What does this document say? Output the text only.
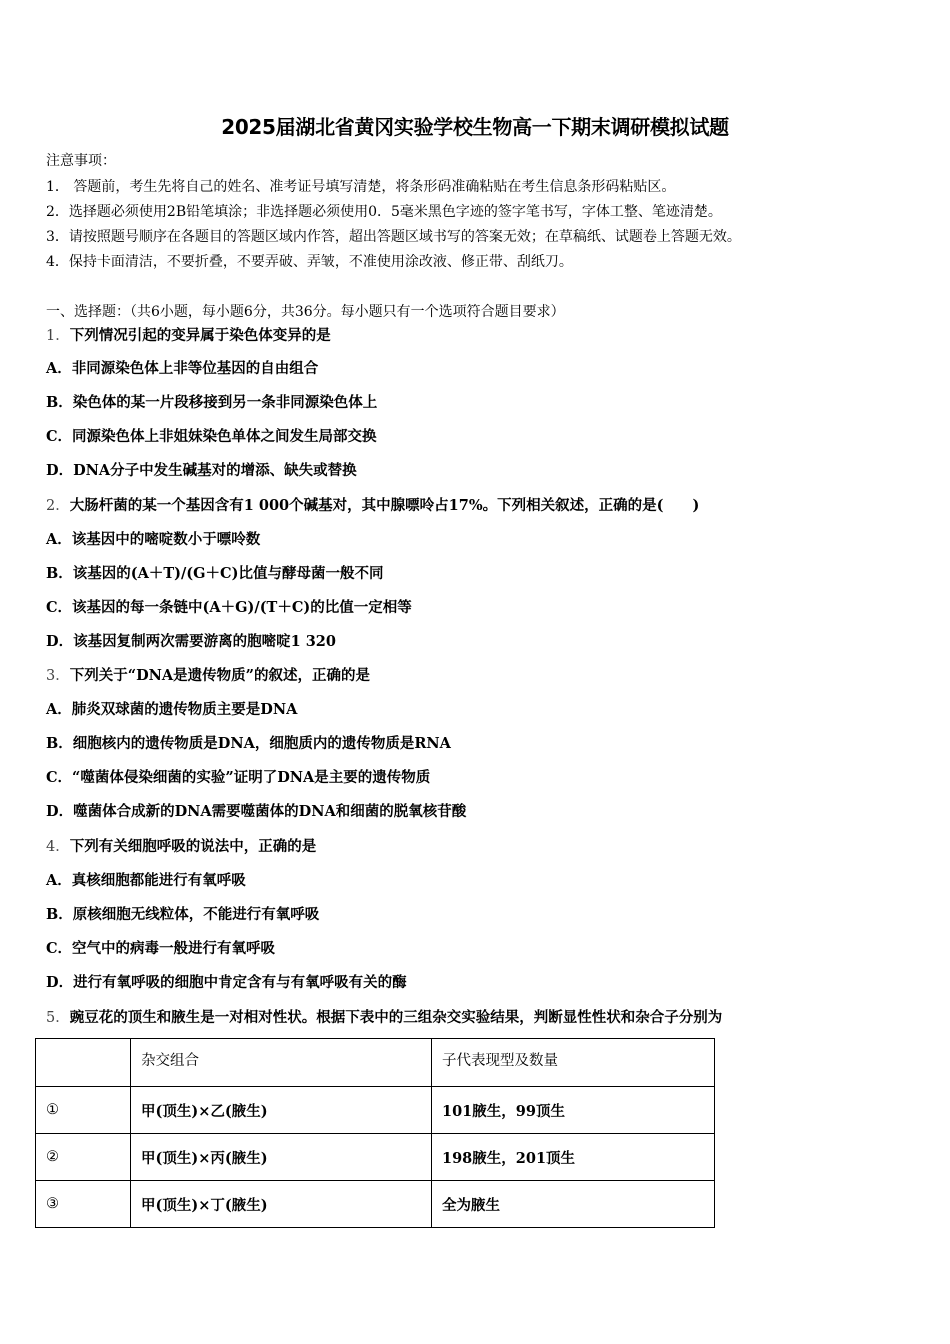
2025届湖北省黄冈实验学校生物高一下期末调研模拟试题
注意事项：
1． 答题前，考生先将自己的姓名、准考证号填写清楚，将条形码准确粘贴在考生信息条形码粘贴区。
2．选择题必须使用2B铅笔填涂；非选择题必须使用0．5毫米黑色字迹的签字笔书写，字体工整、笔迹清楚。
3．请按照题号顺序在各题目的答题区域内作答，超出答题区域书写的答案无效；在草稿纸、试题卷上答题无效。
4．保持卡面清洁，不要折叠，不要弄破、弄皱，不准使用涂改液、修正带、刮纸刀。
一、选择题：（共6小题，每小题6分，共36分。每小题只有一个选项符合题目要求）
1．下列情况引起的变异属于染色体变异的是
A．非同源染色体上非等位基因的自由组合
B．染色体的某一片段移接到另一条非同源染色体上
C．同源染色体上非姐妹染色单体之间发生局部交换
D．DNA分子中发生碱基对的增添、缺失或替换
2．大肠杆菌的某一个基因含有1 000个碱基对，其中腺嘌呤占17%。下列相关叙述，正确的是(　　)
A．该基因中的嘧啶数小于嘌呤数
B．该基因的(A＋T)/(G＋C)比值与酵母菌一般不同
C．该基因的每一条链中(A＋G)/(T＋C)的比值一定相等
D．该基因复制两次需要游离的胞嘧啶1 320
3．下列关于“DNA是遗传物质”的叙述，正确的是
A．肺炎双球菌的遗传物质主要是DNA
B．细胞核内的遗传物质是DNA，细胞质内的遗传物质是RNA
C．“噬菌体侵染细菌的实验”证明了DNA是主要的遗传物质
D．噬菌体合成新的DNA需要噬菌体的DNA和细菌的脱氧核苷酸
4．下列有关细胞呼吸的说法中，正确的是
A．真核细胞都能进行有氧呼吸
B．原核细胞无线粒体，不能进行有氧呼吸
C．空气中的病毒一般进行有氧呼吸
D．进行有氧呼吸的细胞中肯定含有与有氧呼吸有关的酶
5．豌豆花的顶生和腋生是一对相对性状。根据下表中的三组杂交实验结果，判断显性性状和杂合子分别为
	杂交组合	子代表现型及数量
①	甲(顶生)×乙(腋生)	101腋生，99顶生
②	甲(顶生)×丙(腋生)	198腋生，201顶生
③	甲(顶生)×丁(腋生)	全为腋生
